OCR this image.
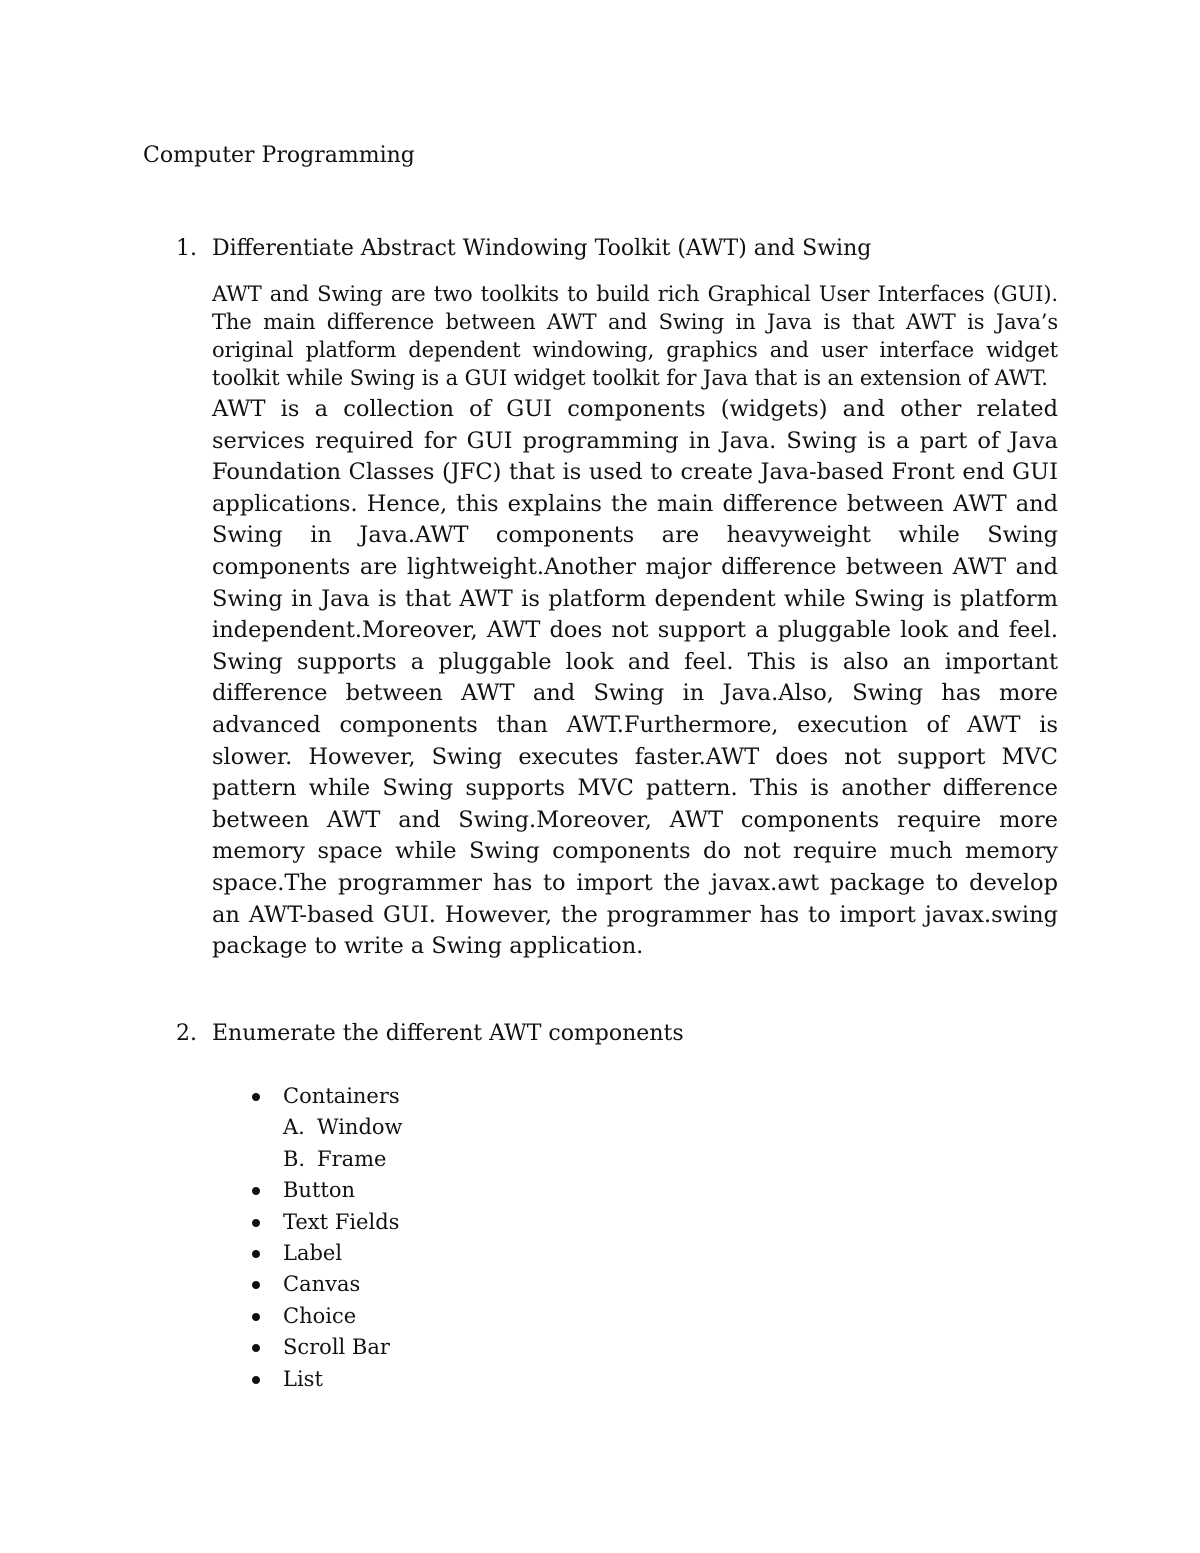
Computer Programming
1. Differentiate Abstract Windowing Toolkit (AWT) and Swing

AWT and Swing are two toolkits to build rich Graphical User Interfaces (GUI). The main difference between AWT and Swing in Java is that AWT is Java’s original platform dependent windowing, graphics and user interface widget toolkit while Swing is a GUI widget toolkit for Java that is an extension of AWT.

AWT is a collection of GUI components (widgets) and other related services required for GUI programming in Java. Swing is a part of Java Foundation Classes (JFC) that is used to create Java-based Front end GUI applications. Hence, this explains the main difference between AWT and Swing in Java.AWT components are heavyweight while Swing components are lightweight.Another major difference between AWT and Swing in Java is that AWT is platform dependent while Swing is platform independent.Moreover, AWT does not support a pluggable look and feel. Swing supports a pluggable look and feel. This is also an important difference between AWT and Swing in Java.Also, Swing has more advanced components than AWT.Furthermore, execution of AWT is slower. However, Swing executes faster.AWT does not support MVC pattern while Swing supports MVC pattern. This is another difference between AWT and Swing.Moreover, AWT components require more memory space while Swing components do not require much memory space.The programmer has to import the javax.awt package to develop an AWT-based GUI. However, the programmer has to import javax.swing package to write a Swing application.

2. Enumerate the different AWT components
Containers
A. Window
B. Frame
Button
Text Fields
Label
Canvas
Choice
Scroll Bar
List
